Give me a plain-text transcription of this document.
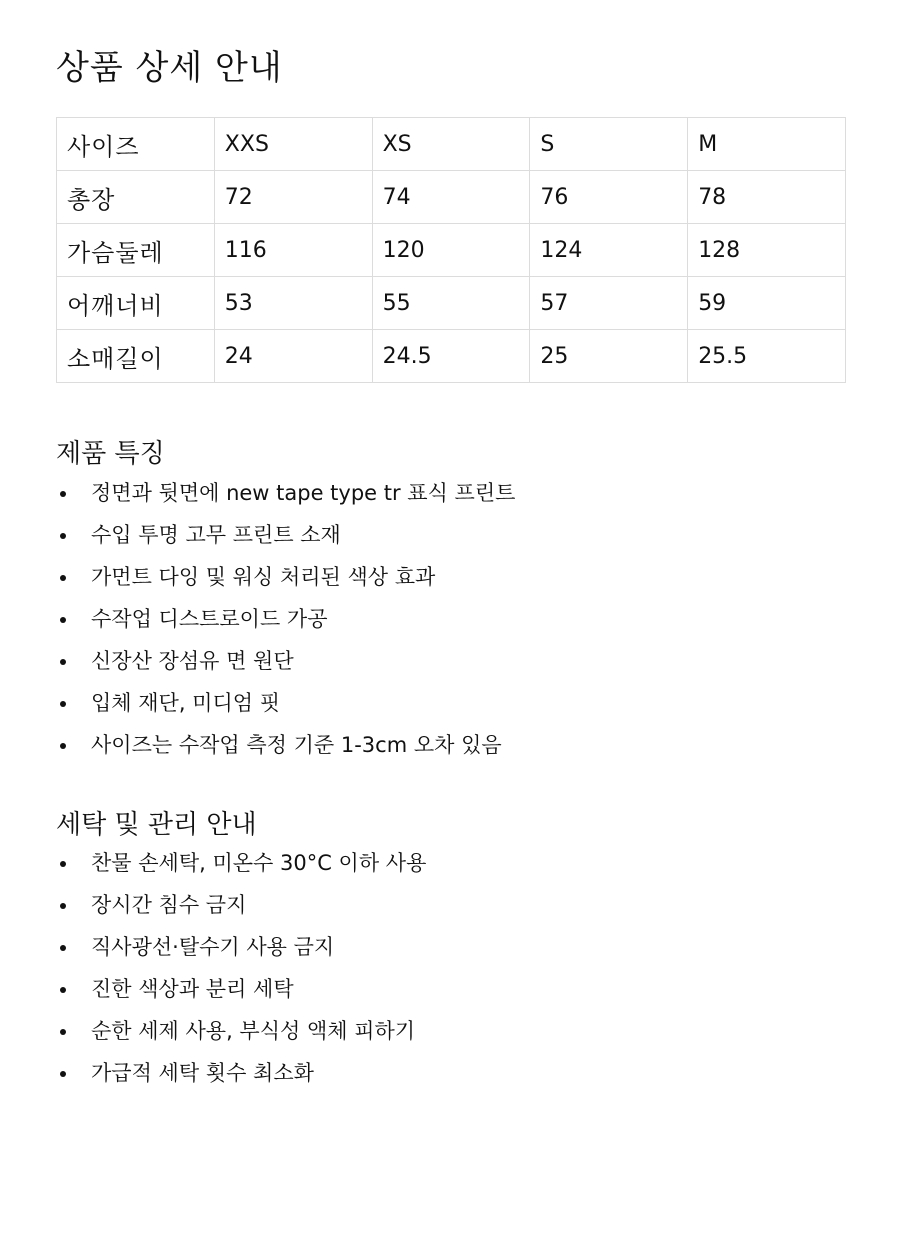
상품 상세 안내
사이즈	XXS	XS	S	M
총장	72	74	76	78
가슴둘레	116	120	124	128
어깨너비	53	55	57	59
소매길이	24	24.5	25	25.5
제품 특징
정면과 뒷면에 new tape type tr 표식 프린트
수입 투명 고무 프린트 소재
가먼트 다잉 및 워싱 처리된 색상 효과
수작업 디스트로이드 가공
신장산 장섬유 면 원단
입체 재단, 미디엄 핏
사이즈는 수작업 측정 기준 1-3cm 오차 있음
세탁 및 관리 안내
찬물 손세탁, 미온수 30°C 이하 사용
장시간 침수 금지
직사광선·탈수기 사용 금지
진한 색상과 분리 세탁
순한 세제 사용, 부식성 액체 피하기
가급적 세탁 횟수 최소화
